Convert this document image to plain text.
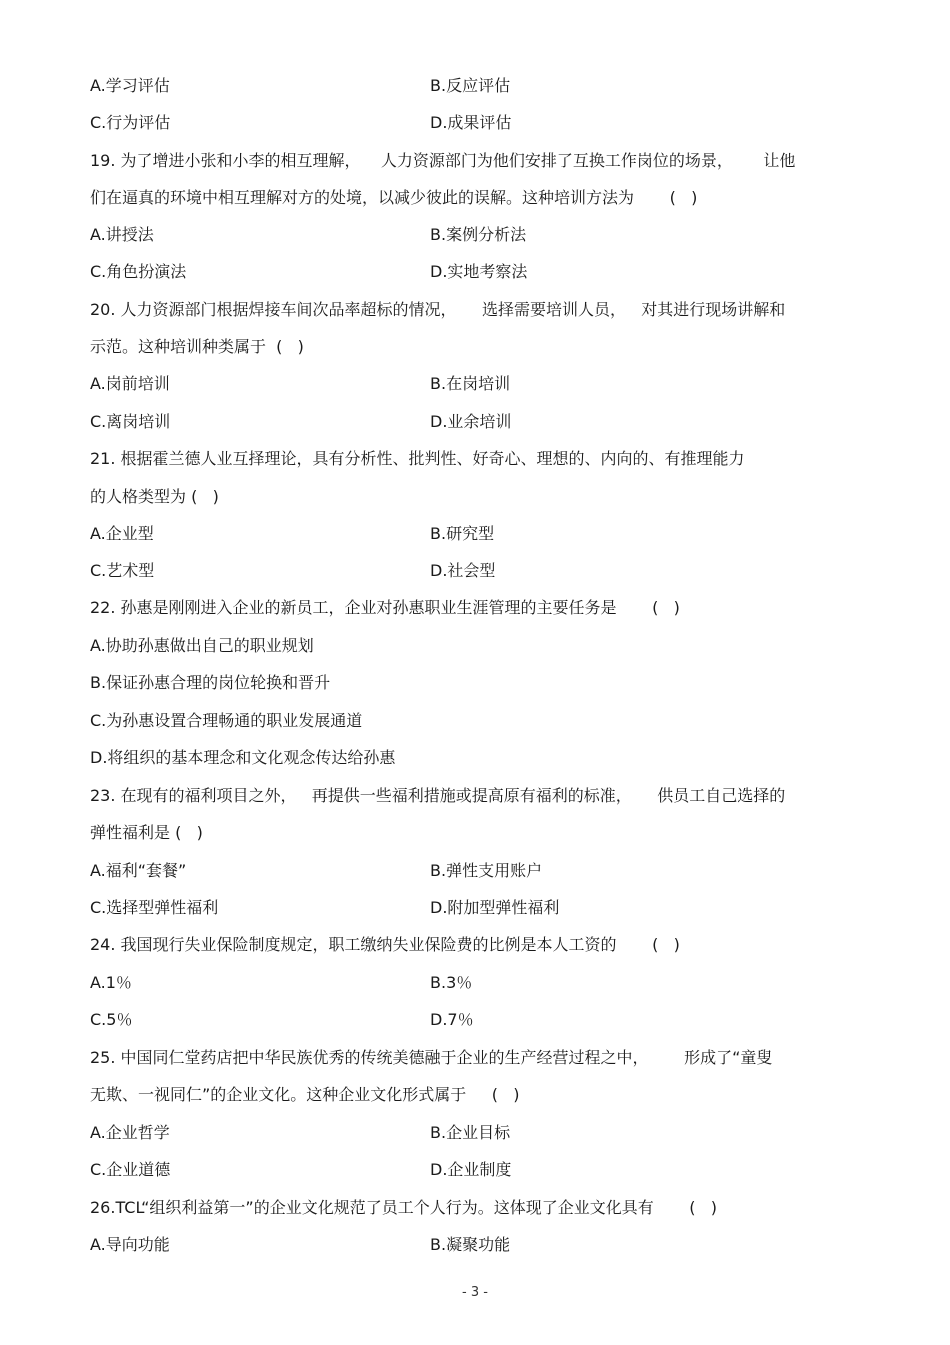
A.学习评估	B.反应评估
C.行为评估	D.成果评估
19. 为了增进小张和小李的相互理解，    人力资源部门为他们安排了互换工作岗位的场景，      让他
们在逼真的环境中相互理解对方的处境，以减少彼此的误解。这种培训方法为       (   )
A.讲授法	B.案例分析法
C.角色扮演法	D.实地考察法
20. 人力资源部门根据焊接车间次品率超标的情况，     选择需要培训人员，   对其进行现场讲解和
示范。这种培训种类属于  (   )
A.岗前培训	B.在岗培训
C.离岗培训	D.业余培训
21. 根据霍兰德人业互择理论，具有分析性、批判性、好奇心、理想的、内向的、有推理能力
的人格类型为 (   )
A.企业型	B.研究型
C.艺术型	D.社会型
22. 孙惠是刚刚进入企业的新员工，企业对孙惠职业生涯管理的主要任务是       (   )
A.协助孙惠做出自己的职业规划
B.保证孙惠合理的岗位轮换和晋升
C.为孙惠设置合理畅通的职业发展通道
D.将组织的基本理念和文化观念传达给孙惠
23. 在现有的福利项目之外，   再提供一些福利措施或提高原有福利的标准，     供员工自己选择的
弹性福利是 (   )
A.福利“套餐”	B.弹性支用账户
C.选择型弹性福利	D.附加型弹性福利
24. 我国现行失业保险制度规定，职工缴纳失业保险费的比例是本人工资的       (   )
A.1％	B.3％
C.5％	D.7％
25. 中国同仁堂药店把中华民族优秀的传统美德融于企业的生产经营过程之中，       形成了“童叟
无欺、一视同仁”的企业文化。这种企业文化形式属于     (   )
A.企业哲学	B.企业目标
C.企业道德	D.企业制度
26.TCL“组织利益第一”的企业文化规范了员工个人行为。这体现了企业文化具有       (   )
A.导向功能	B.凝聚功能
- 3 -
